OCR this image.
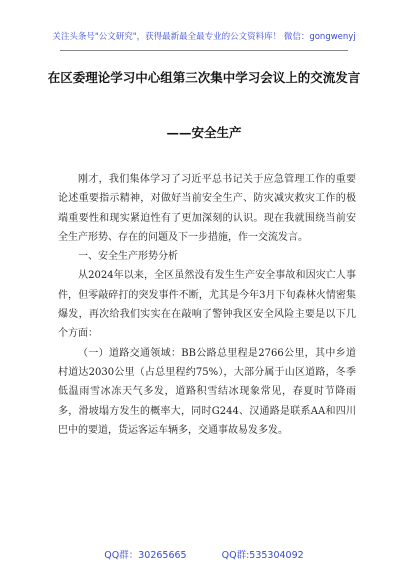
关注头条号"公文研究"，获得最新最全最专业的公文资料库！ 微信：gongwenyj
在区委理论学习中心组第三次集中学习会议上的交流发言
——安全生产

刚才，我们集体学习了习近平总书记关于应急管理工作的重要论述重要指示精神，对做好当前安全生产、防灾减灾救灾工作的极端重要性和现实紧迫性有了更加深刻的认识。现在我就围绕当前安全生产形势、存在的问题及下一步措施，作一交流发言。

一、安全生产形势分析

从2024年以来，全区虽然没有发生生产安全事故和因灾亡人事件，但零敲碎打的突发事件不断，尤其是今年3月下旬森林火情密集爆发，再次给我们实实在在敲响了警钟我区安全风险主要是以下几个方面：

（一）道路交通领域：BB公路总里程是2766公里，其中乡道村道达2030公里（占总里程约75%），大部分属于山区道路，冬季低温雨雪冰冻天气多发，道路积雪结冰现象常见，春夏时节降雨多，滑坡塌方发生的概率大，同时G244、汉通路是联系AA和四川巴中的要道，货运客运车辆多，交通事故易发多发。

QQ群：30265665	QQ群:535304092
